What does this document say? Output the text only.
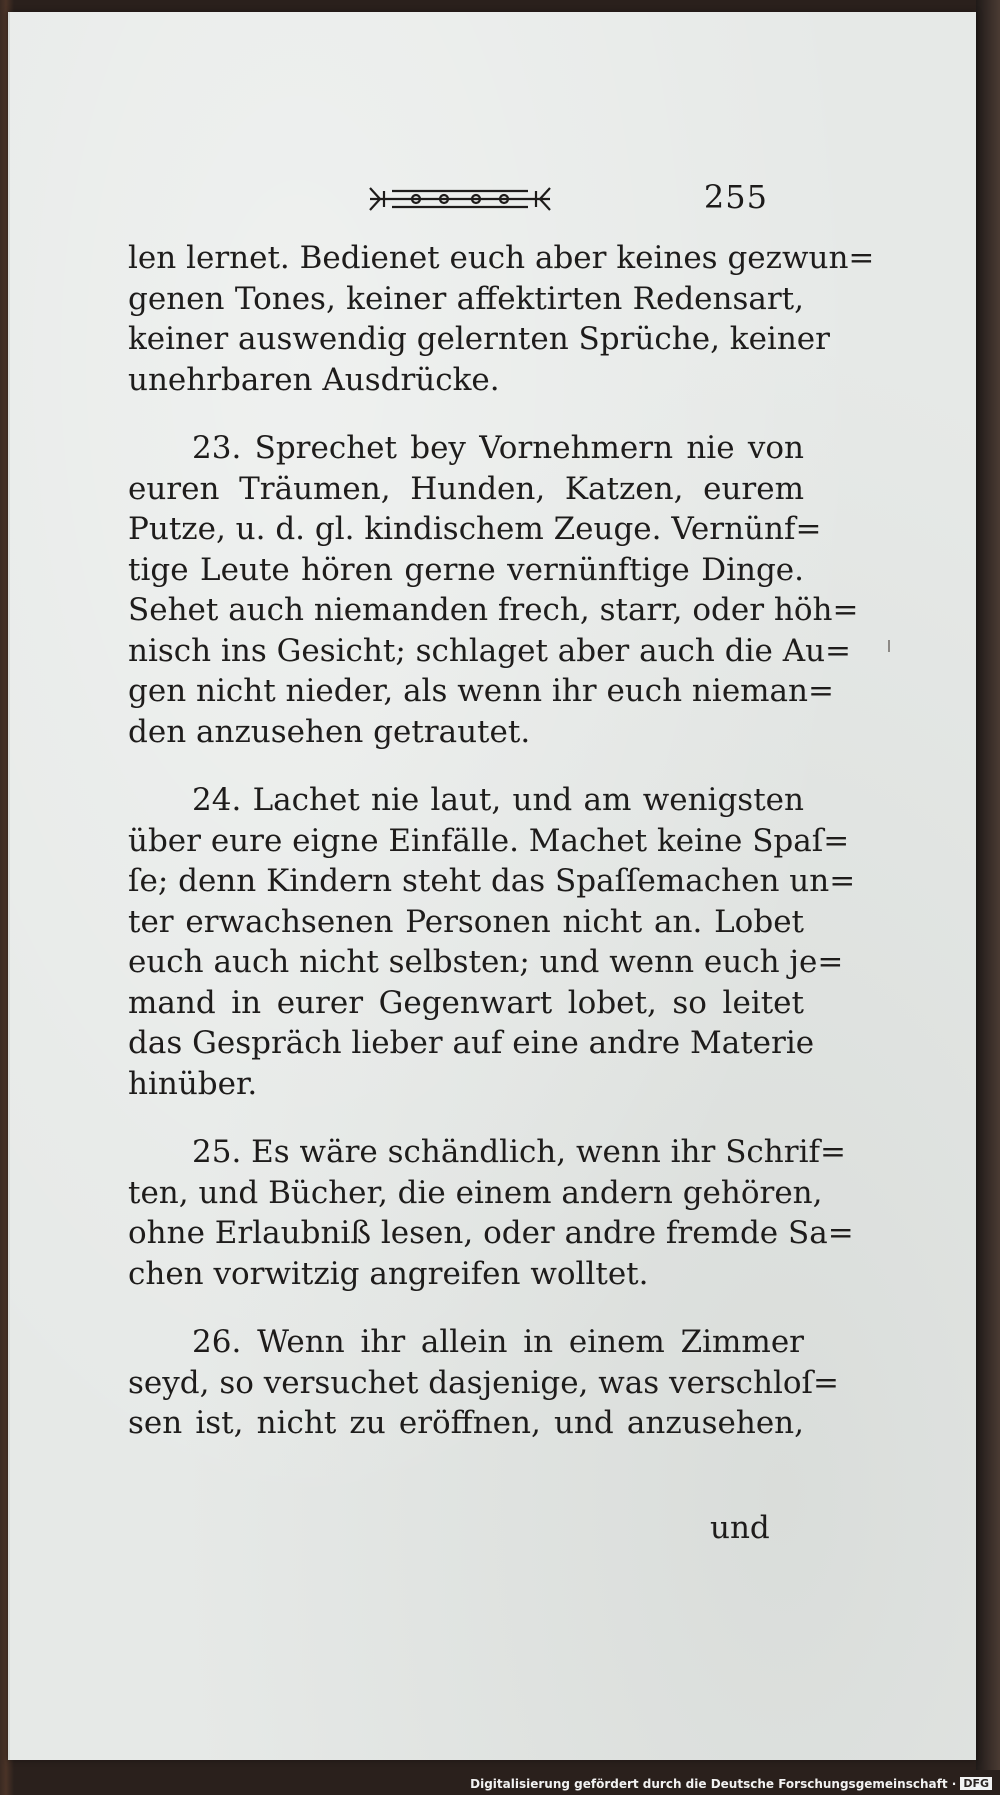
255
len lernet. Bedienet euch aber keines gezwun=
genen Tones, keiner affektirten Redensart,
keiner auswendig gelernten Sprüche, keiner
unehrbaren Ausdrücke.
23. Sprechet bey Vornehmern nie von
euren Träumen, Hunden, Katzen, eurem
Putze, u. d. gl. kindischem Zeuge. Vernünf=
tige Leute hören gerne vernünftige Dinge.
Sehet auch niemanden frech, starr, oder höh=
nisch ins Gesicht; schlaget aber auch die Au=
gen nicht nieder, als wenn ihr euch nieman=
den anzusehen getrautet.
24. Lachet nie laut, und am wenigsten
über eure eigne Einfälle. Machet keine Spaſ=
ſe; denn Kindern steht das Spaſſemachen un=
ter erwachsenen Personen nicht an. Lobet
euch auch nicht selbsten; und wenn euch je=
mand in eurer Gegenwart lobet, so leitet
das Gespräch lieber auf eine andre Materie
hinüber.
25. Es wäre schändlich, wenn ihr Schrif=
ten, und Bücher, die einem andern gehören,
ohne Erlaubniß lesen, oder andre fremde Sa=
chen vorwitzig angreifen wolltet.
26. Wenn ihr allein in einem Zimmer
seyd, so versuchet dasjenige, was verschloſ=
sen ist, nicht zu eröffnen, und anzusehen,
und
Digitalisierung gefördert durch die Deutsche Forschungsgemeinschaft · DFG
